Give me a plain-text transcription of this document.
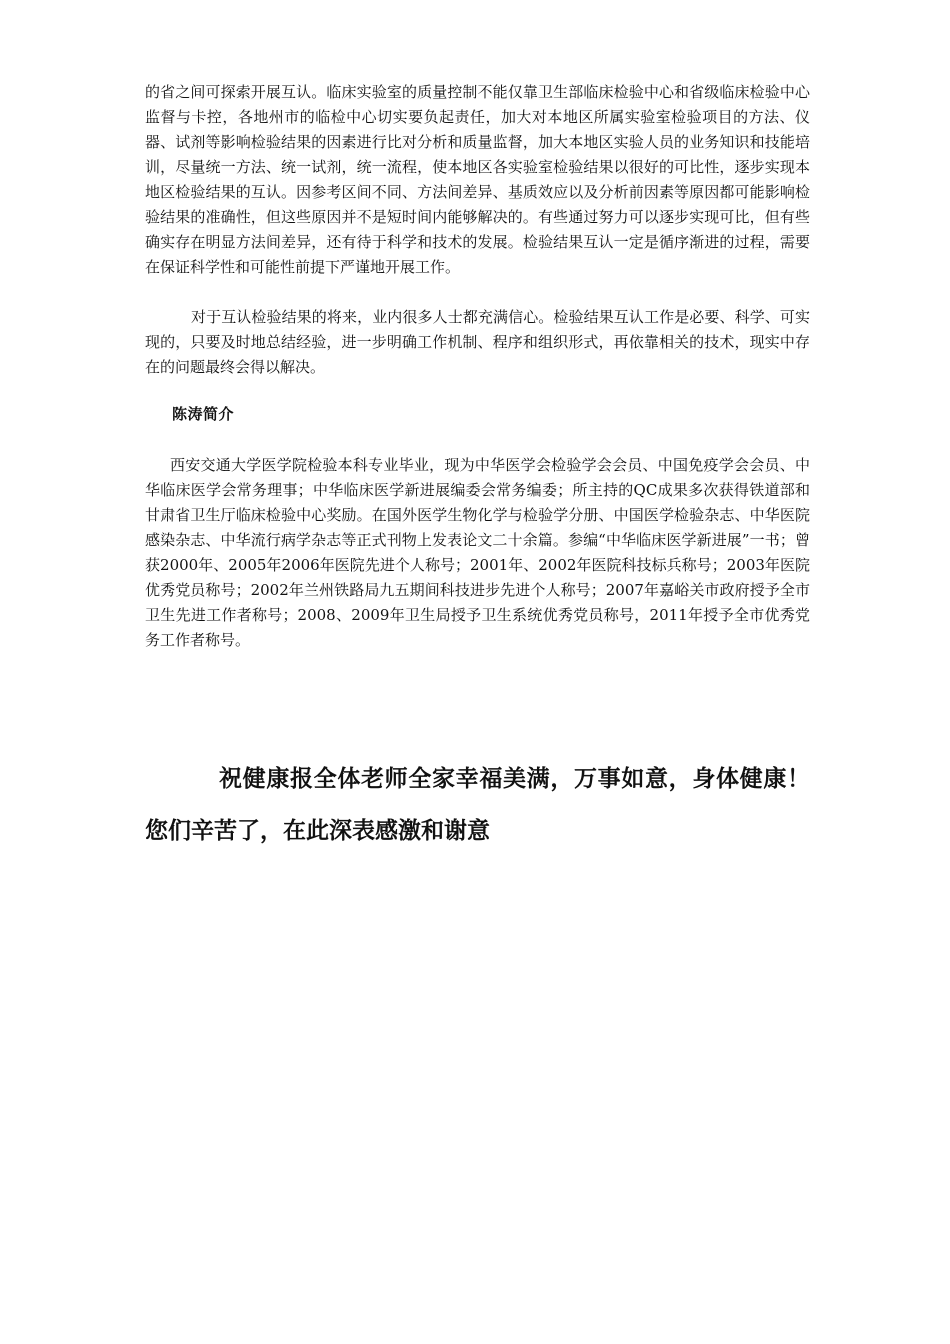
的省之间可探索开展互认。临床实验室的质量控制不能仅靠卫生部临床检验中心和省级临床检验中心监督与卡控，各地州市的临检中心切实要负起责任，加大对本地区所属实验室检验项目的方法、仪器、试剂等影响检验结果的因素进行比对分析和质量监督，加大本地区实验人员的业务知识和技能培训，尽量统一方法、统一试剂，统一流程，使本地区各实验室检验结果以很好的可比性，逐步实现本地区检验结果的互认。因参考区间不同、方法间差异、基质效应以及分析前因素等原因都可能影响检验结果的准确性，但这些原因并不是短时间内能够解决的。有些通过努力可以逐步实现可比，但有些确实存在明显方法间差异，还有待于科学和技术的发展。检验结果互认一定是循序渐进的过程，需要在保证科学性和可能性前提下严谨地开展工作。

对于互认检验结果的将来，业内很多人士都充满信心。检验结果互认工作是必要、科学、可实现的，只要及时地总结经验，进一步明确工作机制、程序和组织形式，再依靠相关的技术，现实中存在的问题最终会得以解决。

陈涛简介

西安交通大学医学院检验本科专业毕业，现为中华医学会检验学会会员、中国免疫学会会员、中华临床医学会常务理事；中华临床医学新进展编委会常务编委；所主持的QC成果多次获得铁道部和甘肃省卫生厅临床检验中心奖励。在国外医学生物化学与检验学分册、中国医学检验杂志、中华医院感染杂志、中华流行病学杂志等正式刊物上发表论文二十余篇。参编“中华临床医学新进展”一书；曾获2000年、2005年2006年医院先进个人称号；2001年、2002年医院科技标兵称号；2003年医院优秀党员称号；2002年兰州铁路局九五期间科技进步先进个人称号；2007年嘉峪关市政府授予全市卫生先进工作者称号；2008、2009年卫生局授予卫生系统优秀党员称号，2011年授予全市优秀党务工作者称号。

祝健康报全体老师全家幸福美满，万事如意，身体健康！您们辛苦了，在此深表感激和谢意
